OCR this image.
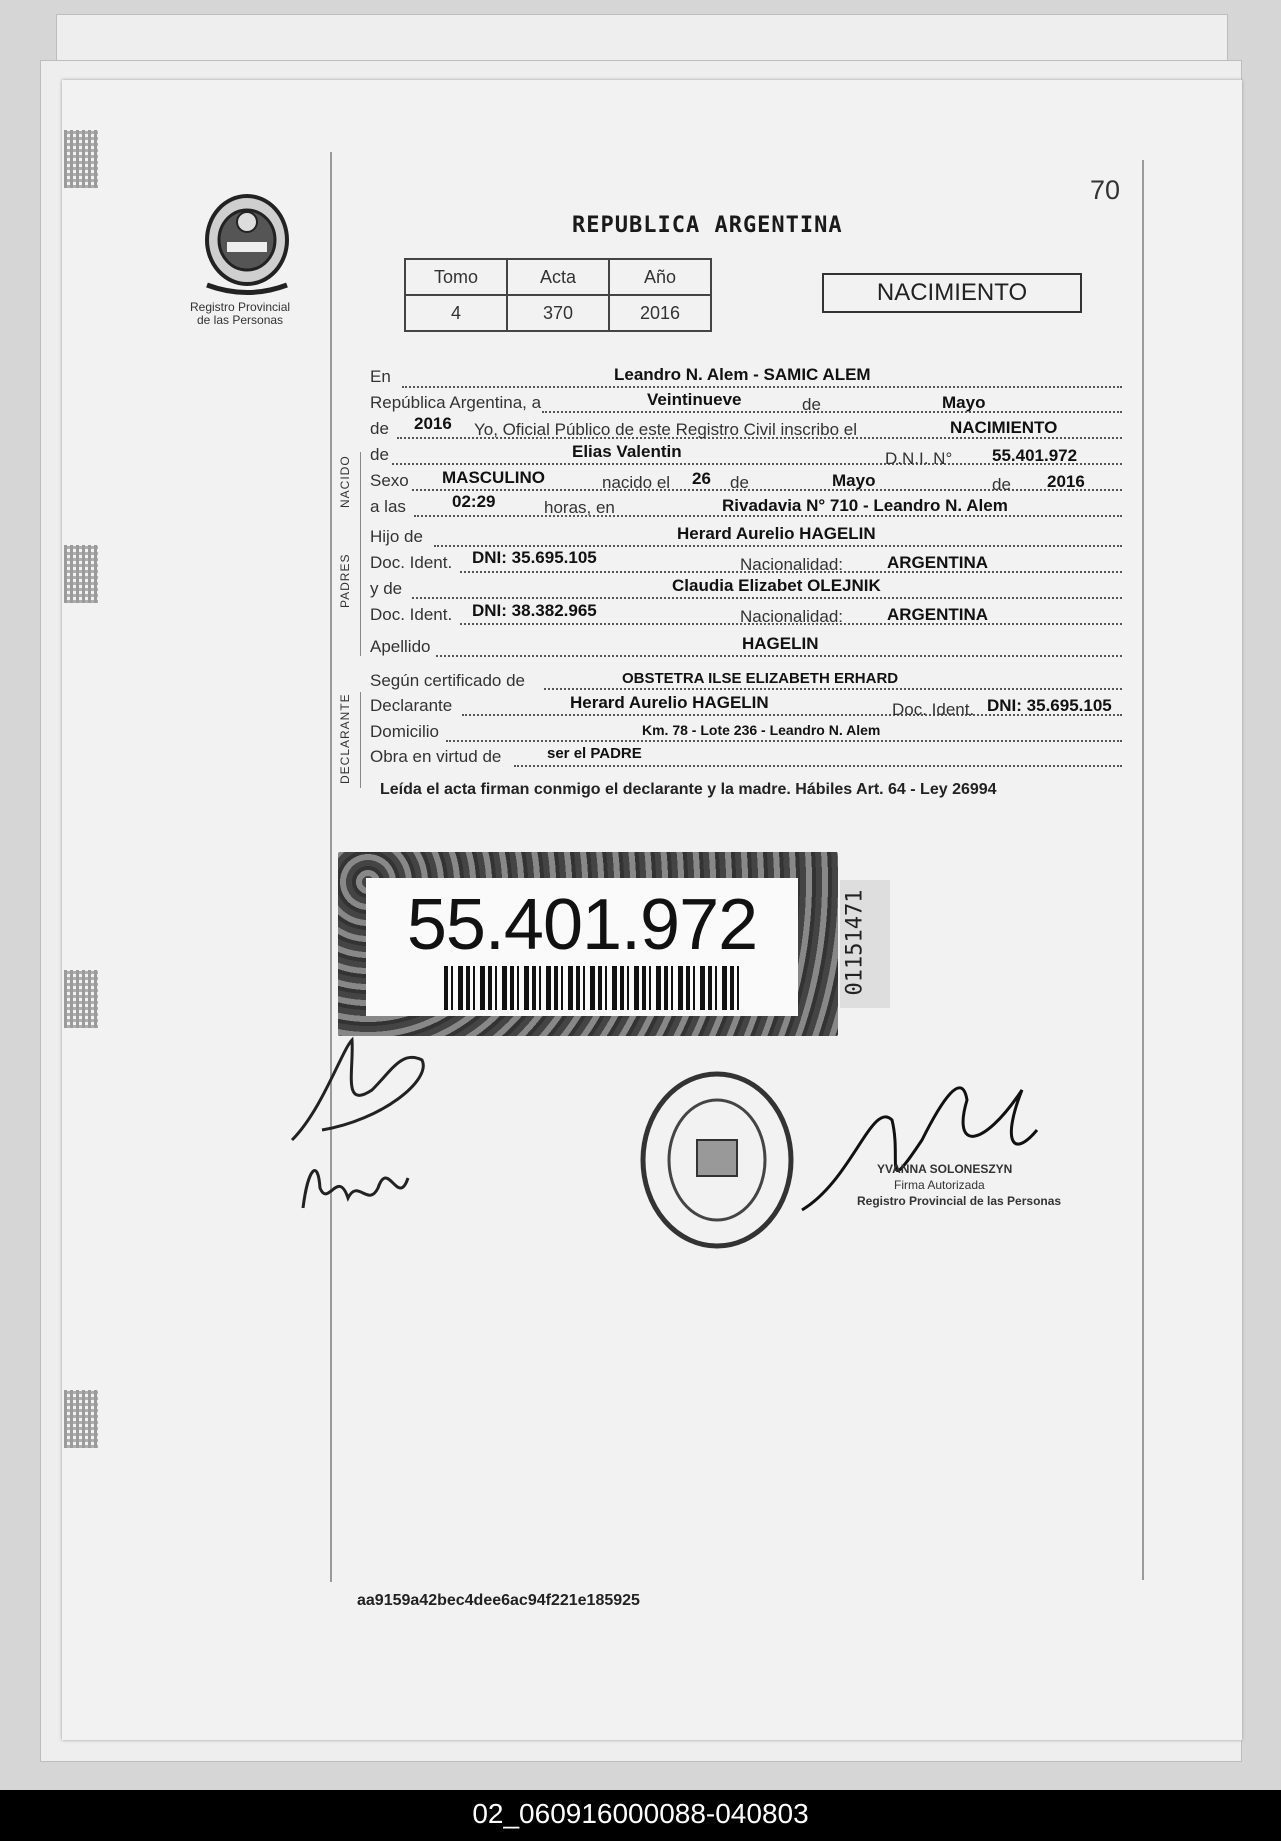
Registro Provincial
de las Personas
70
REPUBLICA ARGENTINA
Tomo	Acta	Año
4	370	2016
NACIMIENTO
NACIDO
PADRES
DECLARANTE
En	Leandro N. Alem - SAMIC ALEM
República Argentina, a	Veintinueve	de	Mayo
de 2016 Yo, Oficial Público de este Registro Civil inscribo el	NACIMIENTO
de	Elias Valentin	D.N.I. N° 55.401.972
Sexo MASCULINO	nacido el 26 de	Mayo	de 2016
a las	02:29	horas, en	Rivadavia N° 710 - Leandro N. Alem
Hijo de	Herard Aurelio HAGELIN
Doc. Ident. DNI: 35.695.105	Nacionalidad:	ARGENTINA
y de	Claudia Elizabet OLEJNIK
Doc. Ident. DNI: 38.382.965	Nacionalidad:	ARGENTINA
Apellido	HAGELIN
Según certificado de	OBSTETRA ILSE ELIZABETH ERHARD
Declarante	Herard Aurelio HAGELIN	Doc. Ident. DNI: 35.695.105
Domicilio	Km. 78 - Lote 236 - Leandro N. Alem
Obra en virtud de	ser el PADRE
Leída el acta firman conmigo el declarante y la madre. Hábiles Art. 64 - Ley 26994
01151471
YVANNA SOLONESZYN
Firma Autorizada
Registro Provincial de las Personas
aa9159a42bec4dee6ac94f221e185925
55.401.972
02_060916000088-040803
